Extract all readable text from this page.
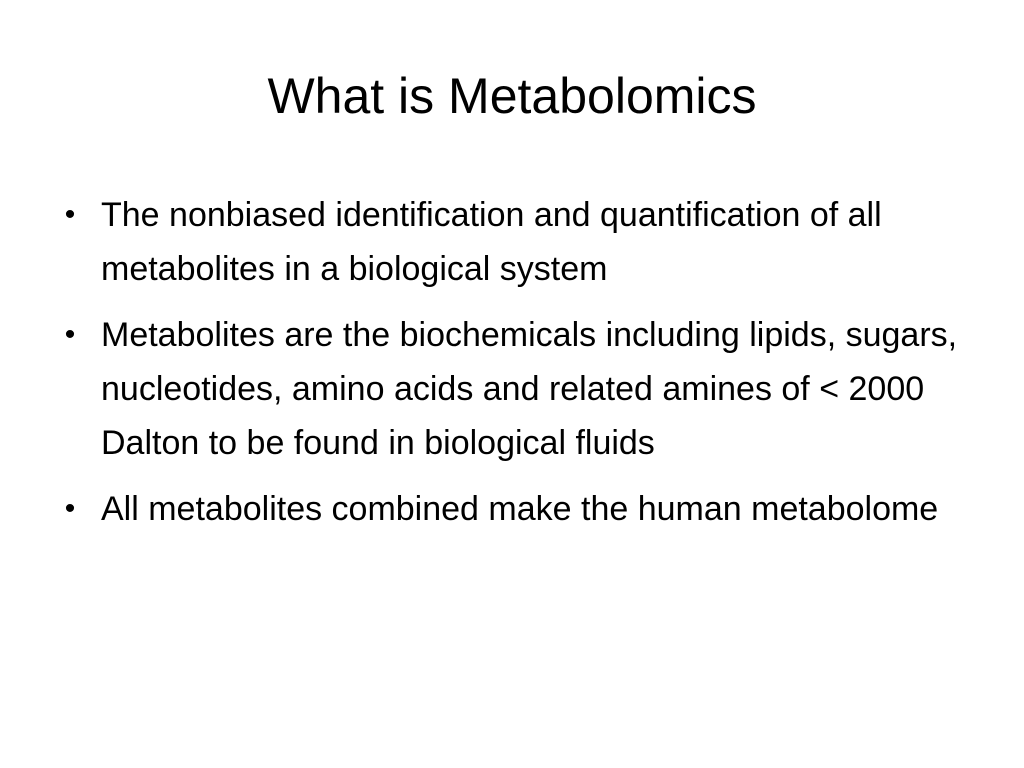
What is Metabolomics
• The nonbiased identification and quantification of all metabolites in a biological system
• Metabolites are the biochemicals including lipids, sugars, nucleotides, amino acids and related amines of < 2000 Dalton to be found in biological fluids
• All metabolites combined make the human metabolome
